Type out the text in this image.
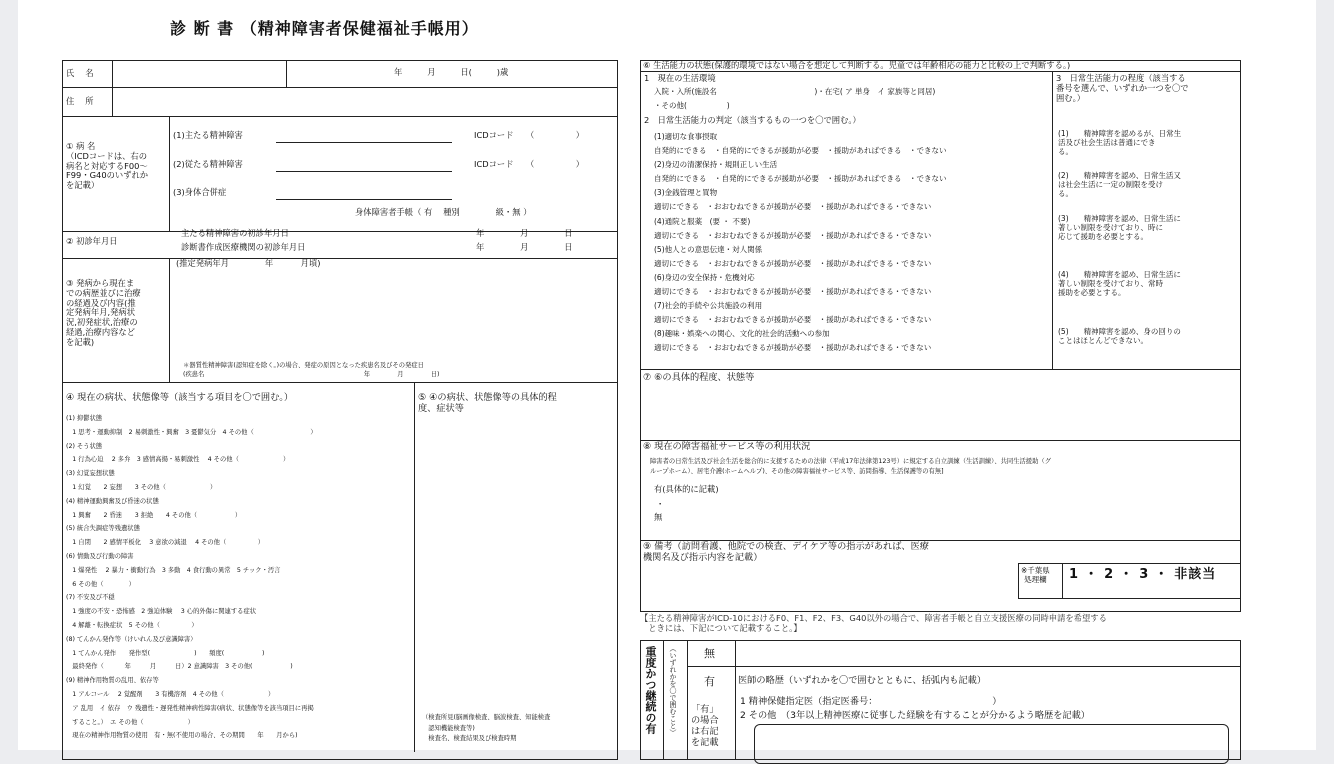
診 断 書 （精神障害者保健福祉手帳用）
氏　 名	年　　　月　　　日(　　　)歳
住　 所
① 病 名
（ICDコードは、右の
病名と対応するF00〜
F99・G40のいずれか
を記載）
(1)主たる精神障害	ICDコード　　（　　　　　）
(2)従たる精神障害	ICDコード　　（　　　　　）
(3)身体合併症
身体障害者手帳（ 有　 種別　　　　 級・無 ）
② 初診年月日
主たる精神障害の初診年月日	年　　　　 月　　　　 日
診断書作成医療機関の初診年月日	年　　　　 月　　　　 日
③ 発病から現在ま
での病歴並びに治療
の経過及び内容(推
定発病年月,発病状
況,初発症状,治療の
経過,治療内容など
を記載)
(推定発病年月　　　　 年　　　 月頃)
＊器質性精神障害(認知症を除く。)の場合、発症の原因となった疾患名及びその発症日
(疾患名　　　　　　　　　　　　　　　　　　　　　　　　　 年　　　　 月　　　　 日)
④ 現在の病状、状態像等（該当する項目を〇で囲む。）
(1) 抑鬱状態
　1 思考・運動抑制　2 易刺激性・興奮　3 憂鬱気分　4 その他（　　　　　　　　　）
(2) そう状態
　1 行為心迫　 2 多弁　3 感情高揚・易刺激性　 4 その他（　　　　　　　）
(3) 幻覚妄想状態
　1 幻覚　　2 妄想　　3 その他（　　　　　　　）
(4) 精神運動興奮及び昏迷の状態
　1 興奮　　2 昏迷　　3 拒絶　　4 その他（　　　　　　）
(5) 統合失調症等残遺状態
　1 自閉　　2 感情平板化　 3 意欲の減退　 4 その他（　　　　　）
(6) 情動及び行動の障害
　1 爆発性　 2 暴力・衝動行為　3 多動　4 食行動の異常　5 チック・汚言
　6 その他（　　　　）
(7) 不安及び不穏
　1 強度の不安・恐怖感　2 強迫体験　 3 心的外傷に関連する症状
　4 解離・転換症状　5 その他（　　　　　）
(8) てんかん発作等（けいれん及び意識障害）
　1 てんかん発作　　発作型(　　　　　　　)　　頻度(　　　　　　)
　最終発作（　　　 年　　　月　　　日）2 意識障害　3 その他(　　　　　　)
(9) 精神作用物質の乱用、依存等
　1 アルコール　 2 覚醒剤　　3 有機溶剤　4 その他（　　　　　　　）
　ア 乱用　イ 依存　ウ 残遺性・遅発性精神病性障害(病状、状態像等を該当項目に再掲
　すること。）　エ その他（　　　　　　　）
　現在の精神作用物質の使用　有・無(不使用の場合、その期間　　年　　月から)
⑤ ④の病状、状態像等の具体的程
度、症状等
（検査所見(脳画像検査、脳波検査、知能検査
　認知機能検査等)
　検査名、検査結果及び検査時期
⑥ 生活能力の状態(保護的環境ではない場合を想定して判断する。児童では年齢相応の能力と比較の上で判断する。)
1　現在の生活環境
入院・入所(施設名　　　　　　　　　　　　　)・在宅( ア 単身　イ 家族等と同居)
・その他(　　　　　 )
2　日常生活能力の判定（該当するもの一つを〇で囲む。）
(1)適切な食事摂取
自発的にできる　・自発的にできるが援助が必要　・援助があればできる　・できない
(2)身辺の清潔保持・規則正しい生活
自発的にできる　・自発的にできるが援助が必要　・援助があればできる　・できない
(3)金銭管理と買物
適切にできる　・おおむねできるが援助が必要　・援助があればできる・できない
(4)通院と服薬　(要 ・ 不要)
適切にできる　・おおむねできるが援助が必要　・援助があればできる・できない
(5)他人との意思伝達・対人関係
適切にできる　・おおむねできるが援助が必要　・援助があればできる・できない
(6)身辺の安全保持・危機対応
適切にできる　・おおむねできるが援助が必要　・援助があればできる・できない
(7)社会的手続や公共施設の利用
適切にできる　・おおむねできるが援助が必要　・援助があればできる・できない
(8)趣味・娯楽への関心、文化的社会的活動への参加
適切にできる　・おおむねできるが援助が必要　・援助があればできる・できない
3　日常生活能力の程度（該当する
番号を選んで、いずれか一つを〇で
囲む。）
(1)　　精神障害を認めるが、日常生
活及び社会生活は普通にでき
る。
(2)　　精神障害を認め、日常生活又
は社会生活に一定の制限を受け
る。
(3)　　精神障害を認め、日常生活に
著しい制限を受けており、時に
応じて援助を必要とする。
(4)　　精神障害を認め、日常生活に
著しい制限を受けており、常時
援助を必要とする。
(5)　　精神障害を認め、身の回りの
ことはほとんどできない。
⑦ ⑥の具体的程度、状態等
⑧ 現在の障害福祉サービス等の利用状況
障害者の日常生活及び社会生活を総合的に支援するための法律（平成17年法律第123号）に規定する自立訓練（生活訓練）、共同生活援助（グ
ループホーム）、居宅介護(ホームヘルプ)、その他の障害福祉サービス等、訪問指導、生活保護等の有無]
有(具体的に記載)
・
無
⑨ 備考（訪問看護、他院での検査、デイケア等の指示があれば、医療
機関名及び指示内容を記載）
※千葉県
処理欄 1 ・ 2 ・ 3 ・ 非該当
【主たる精神障害がICD-10におけるF0、F1、F2、F3、G40以外の場合で、障害者手帳と自立支援医療の同時申請を希望する
　ときには、下記について記載すること。】
重度かつ継続の有 （いずれかを〇で囲むこと） 無
有
「有」
の場合
は右記
を記載
医師の略歴（いずれかを〇で囲むとともに、括弧内も記載）
1 精神保健指定医（指定医番号：　　　　　　　　　　　　　）
2 その他　（3年以上精神医療に従事した経験を有することが分かるよう略歴を記載）
